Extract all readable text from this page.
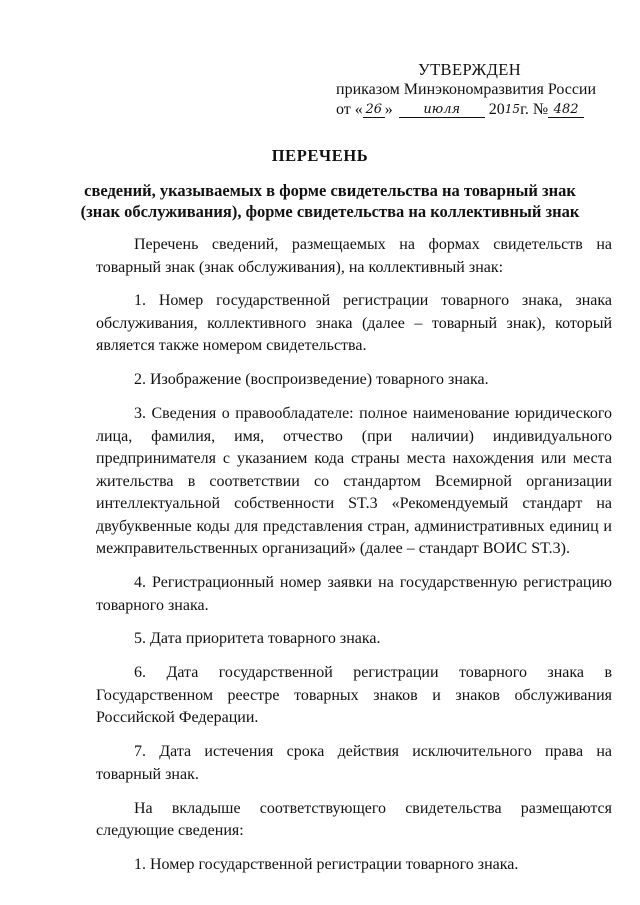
УТВЕРЖДЕН
приказом Минэкономразвития России
от « 26 » июля 2015г. № 482
ПЕРЕЧЕНЬ
сведений, указываемых в форме свидетельства на товарный знак
(знак обслуживания), форме свидетельства на коллективный знак

Перечень сведений, размещаемых на формах свидетельств на товарный знак (знак обслуживания), на коллективный знак:

1. Номер государственной регистрации товарного знака, знака обслуживания, коллективного знака (далее – товарный знак), который является также номером свидетельства.

2. Изображение (воспроизведение) товарного знака.

3. Сведения о правообладателе: полное наименование юридического лица, фамилия, имя, отчество (при наличии) индивидуального предпринимателя с указанием кода страны места нахождения или места жительства в соответствии со стандартом Всемирной организации интеллектуальной собственности ST.3 «Рекомендуемый стандарт на двубуквенные коды для представления стран, административных единиц и межправительственных организаций» (далее – стандарт ВОИС ST.3).

4. Регистрационный номер заявки на государственную регистрацию товарного знака.

5. Дата приоритета товарного знака.

6. Дата государственной регистрации товарного знака в Государственном реестре товарных знаков и знаков обслуживания Российской Федерации.

7. Дата истечения срока действия исключительного права на товарный знак.

На вкладыше соответствующего свидетельства размещаются следующие сведения:

1. Номер государственной регистрации товарного знака.
